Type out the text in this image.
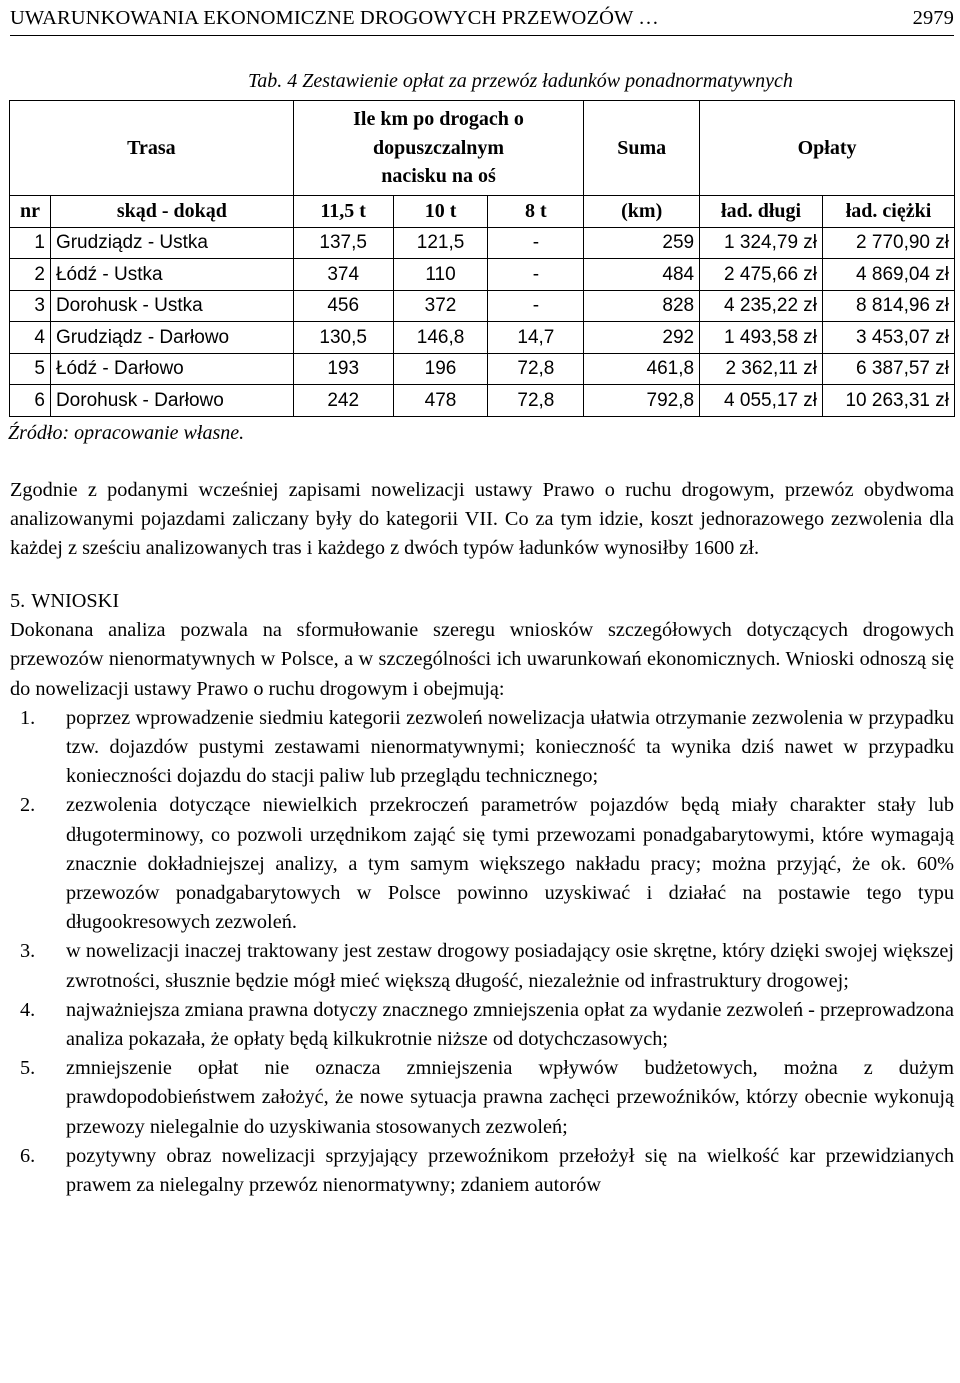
UWARUNKOWANIA EKONOMICZNE DROGOWYCH PRZEWOZÓW …	2979
Tab. 4 Zestawienie opłat za przewóz ładunków ponadnormatywnych
Trasa		Ile km po drogach o
dopuszczalnym
nacisku na oś			Suma	Opłaty	
nr	skąd - dokąd	11,5 t	10 t	8 t	(km)	ład. długi	ład. ciężki
1	Grudziądz - Ustka	137,5	121,5	-	259	1 324,79 zł	2 770,90 zł
2	Łódź - Ustka	374	110	-	484	2 475,66 zł	4 869,04 zł
3	Dorohusk - Ustka	456	372	-	828	4 235,22 zł	8 814,96 zł
4	Grudziądz - Darłowo	130,5	146,8	14,7	292	1 493,58 zł	3 453,07 zł
5	Łódź - Darłowo	193	196	72,8	461,8	2 362,11 zł	6 387,57 zł
6	Dorohusk - Darłowo	242	478	72,8	792,8	4 055,17 zł	10 263,31 zł
Źródło: opracowanie własne.

Zgodnie z podanymi wcześniej zapisami nowelizacji ustawy Prawo o ruchu drogowym, przewóz obydwoma analizowanymi pojazdami zaliczany były do kategorii VII. Co za tym idzie, koszt jednorazowego zezwolenia dla każdej z sześciu analizowanych tras i każdego z dwóch typów ładunków wynosiłby 1600 zł.

5. WNIOSKI

Dokonana analiza pozwala na sformułowanie szeregu wniosków szczegółowych dotyczących drogowych przewozów nienormatywnych w Polsce, a w szczególności ich uwarunkowań ekonomicznych. Wnioski odnoszą się do nowelizacji ustawy Prawo o ruchu drogowym i obejmują:

1.	poprzez wprowadzenie siedmiu kategorii zezwoleń nowelizacja ułatwia otrzymanie zezwolenia w przypadku tzw. dojazdów pustymi zestawami nienormatywnymi; konieczność ta wynika dziś nawet w przypadku konieczności dojazdu do stacji paliw lub przeglądu technicznego;
2.	zezwolenia dotyczące niewielkich przekroczeń parametrów pojazdów będą miały charakter stały lub długoterminowy, co pozwoli urzędnikom zająć się tymi przewozami ponadgabarytowymi, które wymagają znacznie dokładniejszej analizy, a tym samym większego nakładu pracy; można przyjąć, że ok. 60% przewozów ponadgabarytowych w Polsce powinno uzyskiwać i działać na postawie tego typu długookresowych zezwoleń.
3.	w nowelizacji inaczej traktowany jest zestaw drogowy posiadający osie skrętne, który dzięki swojej większej zwrotności, słusznie będzie mógł mieć większą długość, niezależnie od infrastruktury drogowej;
4.	najważniejsza zmiana prawna dotyczy znacznego zmniejszenia opłat za wydanie zezwoleń - przeprowadzona analiza pokazała, że opłaty będą kilkukrotnie niższe od dotychczasowych;
5.	zmniejszenie opłat nie oznacza zmniejszenia wpływów budżetowych, można z dużym prawdopodobieństwem założyć, że nowe sytuacja prawna zachęci przewoźników, którzy obecnie wykonują przewozy nielegalnie do uzyskiwania stosowanych zezwoleń;
6.	pozytywny obraz nowelizacji sprzyjający przewoźnikom przełożył się na wielkość kar przewidzianych prawem za nielegalny przewóz nienormatywny; zdaniem autorów
